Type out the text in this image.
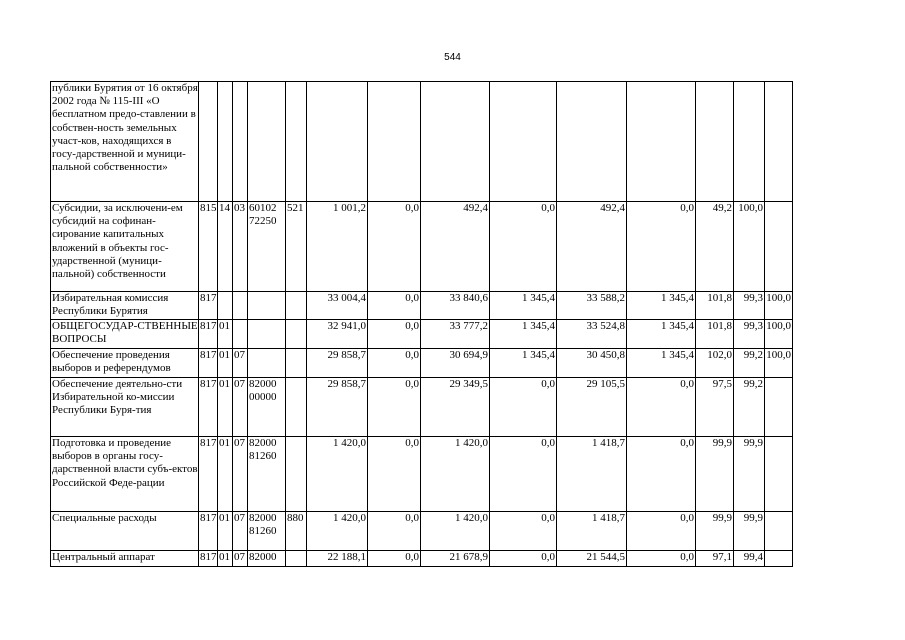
544
публики Бурятия от 16 октября 2002 года № 115-III «О бесплатном предо-ставлении в собствен-ность земельных участ-ков, находящихся в госу-дарственной и муници-пальной собственности»														
Субсидии, за исключени-ем субсидий на софинан-сирование капитальных вложений в объекты гос-ударственной (муници-пальной) собственности	815	14	03	60102 72250	521	1 001,2	0,0	492,4	0,0	492,4	0,0	49,2	100,0	
Избирательная комиссия Республики Бурятия	817					33 004,4	0,0	33 840,6	1 345,4	33 588,2	1 345,4	101,8	99,3	100,0
ОБЩЕГОСУДАР-СТВЕННЫЕ ВОПРОСЫ	817	01				32 941,0	0,0	33 777,2	1 345,4	33 524,8	1 345,4	101,8	99,3	100,0
Обеспечение проведения выборов и референдумов	817	01	07			29 858,7	0,0	30 694,9	1 345,4	30 450,8	1 345,4	102,0	99,2	100,0
Обеспечение деятельно-сти Избирательной ко-миссии Республики Буря-тия	817	01	07	82000 00000		29 858,7	0,0	29 349,5	0,0	29 105,5	0,0	97,5	99,2	
Подготовка и проведение выборов в органы госу-дарственной власти субъ-ектов Российской Феде-рации	817	01	07	82000 81260		1 420,0	0,0	1 420,0	0,0	1 418,7	0,0	99,9	99,9	
Специальные расходы	817	01	07	82000 81260	880	1 420,0	0,0	1 420,0	0,0	1 418,7	0,0	99,9	99,9	
Центральный аппарат	817	01	07	82000		22 188,1	0,0	21 678,9	0,0	21 544,5	0,0	97,1	99,4	
